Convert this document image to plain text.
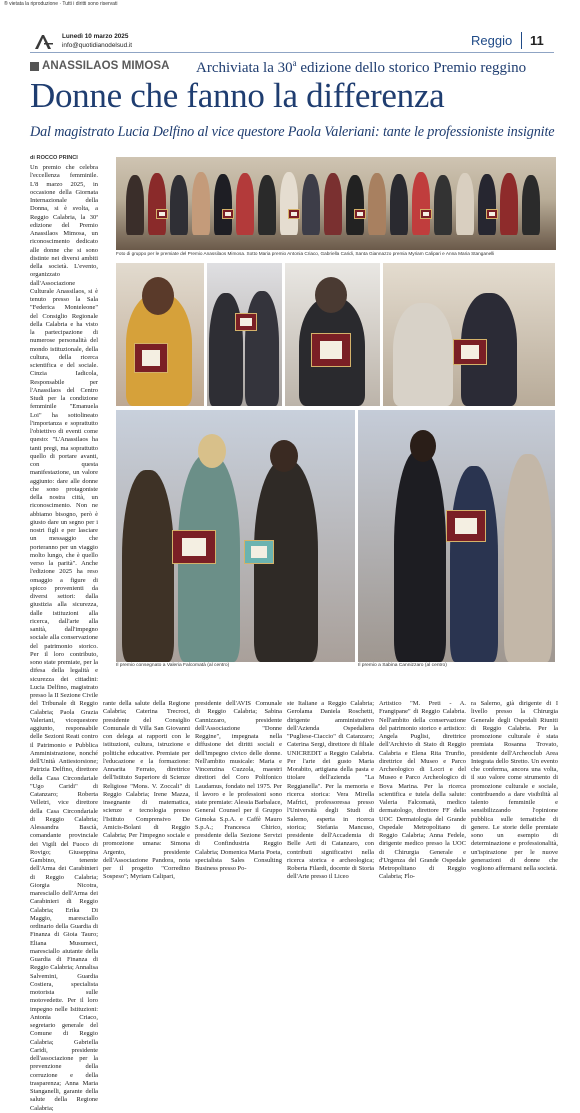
® vietata la riproduzione · Tutti i diritti sono riservati
Lunedì 10 marzo 2025
info@quotidianodelsud.it	Reggio 11
ANASSILAOS MIMOSA Archiviata la 30$^a$ edizione dello storico Premio reggino
Donne che fanno la differenza
Dal magistrato Lucia Delfino al vice questore Paola Valeriani: tante le professioniste insignite
di ROCCO PRINCI
Foto di gruppo per le premiate del Premio Anassilaos Mimosa. Sotto Maria premio Antonia Criaco, Gabriella Caridi, Santa Giannazzo premia Myriam Calipari e Anna Maria Stanganelli
Il premio consegnato a Valeria Falcomatà (al centro)	Il premio a Sabina Cannizzaro (al centro)
Un premio che celebra l'eccellenza femminile. L'8 marzo 2025, in occasione della Giornata Internazionale della Donna, si è svolta, a Reggio Calabria, la 30ª edizione del Premio Anassilaos Mimosa, un riconoscimento dedicato alle donne che si sono distinte nei diversi ambiti della società. L'evento, organizzato dall'Associazione Culturale Anassilaos, si è tenuto presso la Sala "Federica Monteleone" del Consiglio Regionale della Calabria e ha visto la partecipazione di numerose personalità del mondo istituzionale, della cultura, della ricerca scientifica e del sociale. Cinzia Iadicola, Responsabile per l'Anassilaos del Centro Studi per la condizione femminile "Emanuela Loi" ha sottolineato l'importanza e soprattutto l'obiettivo di eventi come questo: "L'Anassilaos ha tanti pregi, ma soprattutto quello di portare avanti, con questa manifestazione, un valore aggiunto: dare alle donne che sono protagoniste della nostra città, un riconoscimento. Non ne abbiamo bisogno, però è giusto dare un segno per i nostri figli e per lasciare un messaggio che porteranno per un viaggio molto lungo, che è quello verso la parità". Anche l'edizione 2025 ha reso omaggio a figure di spicco provenienti da diversi settori: dalla giustizia alla sicurezza, dalle istituzioni alla ricerca, dall'arte alla sanità, dall'impegno sociale alla conservazione del patrimonio storico. Per il loro contributo, sono state premiate, per la difesa della legalità e sicurezza dei cittadini: Lucia Delfino, magistrato presso la II Sezione Civile del Tribunale di Reggio Calabria; Paola Grazia Valeriani, vicequestore aggiunto, responsabile delle Sezioni Reati contro il Patrimonio e Pubblica Amministrazione, nonché dell'Unità Antiestorsione; Patrizia Delfino, direttore della Casa Circondariale "Ugo Caridi" di Catanzaro; Roberta Velletri, vice direttore della Casa Circondariale di Reggio Calabria; Alessandra Bascià, comandante provinciale dei Vigili del Fuoco di Rovigo; Giuseppina Gambino, tenente dell'Arma dei Carabinieri di Reggio Calabria; Giorgia Nicotra, maresciallo dell'Arma dei Carabinieri di Reggio Calabria; Erika Di Maggio, maresciallo ordinario della Guardia di Finanza di Gioia Tauro; Eliana Musumeci, maresciallo aiutante della Guardia di Finanza di Reggio Calabria; Annalisa Salvemini, Guardia Costiera, specialista motorista sulle motovedette. Per il loro impegno nelle Istituzioni: Antonia Criaco, segretario generale del Comune di Reggio Calabria; Gabriella Caridi, presidente dell'associazione per la prevenzione della corruzione e della trasparenza; Anna Maria Stanganelli, garante della salute della Regione Calabria;
rante della salute della Regione Calabria; Caterina Trecroci, presidente del Consiglio Comunale di Villa San Giovanni con delega ai rapporti con le istituzioni, cultura, istruzione e politiche educative. Premiate per l'educazione e la formazione: Annarita Ferrato, direttrice dell'Istituto Superiore di Scienze Religiose "Mons. V. Zoccali" di Reggio Calabria; Irene Mazza, insegnante di matematica, scienze e tecnologia presso l'Istituto Comprensivo De Amicis-Bolani di Reggio Calabria; Per l'impegno sociale e promozione umana: Simona Argento, presidente dell'Associazione Pandora, nota per il progetto "Corredino Sospeso"; Myriam Calipari,
presidente dell'AVIS Comunale di Reggio Calabria; Sabina Cannizzaro, presidente dell'Associazione "Donne Reggine", impegnata nella diffusione dei diritti sociali e dell'impegno civico delle donne. Nell'ambito musicale: Maria e Vincenzina Cuzzola, maestri direttori del Coro Polifonico Laudamus, fondato nel 1975. Per il lavoro e le professioni sono state premiate: Alessia Barbalace, General Counsel per il Gruppo Gimoka S.p.A. e Caffè Mauro S.p.A.; Francesca Chirico, presidente della Sezione Servizi di Confindustria Reggio Calabria; Domenica Maria Poeta, specialista Sales Consulting Business presso Po-
ste Italiane a Reggio Calabria; Gerolama Daniela Roschetti, dirigente amministrativo dell'Azienda Ospedaliera "Pugliese-Ciaccio" di Catanzaro; Caterina Sergi, direttore di filiale UNICREDIT a Reggio Calabria. Per l'arte dei gusto Maria Morabito, artigiana della pasta e titolare dell'azienda "La Reggianella". Per la memoria e ricerca storica: Vera Mirella Mafrici, professoressa presso l'Università degli Studi di Salerno, esperta in ricerca storica; Stefania Mancuso, presidente dell'Accademia di Belle Arti di Catanzaro, con contributi significativi nella ricerca storica e archeologica; Roberta Filardi, docente di Storia dell'Arte presso il Liceo
Artistico "M. Preti - A. Frangipane" di Reggio Calabria. Nell'ambito della conservazione del patrimonio storico e artistico: Angela Puglisi, direttrice dell'Archivio di Stato di Reggio Calabria e Elena Rita Trunfio, direttrice del Museo e Parco Archeologico di Locri e del Museo e Parco Archeologico di Bova Marina. Per la ricerca scientifica e tutela della salute: Valeria Falcomatà, medico dermatologo, direttore FF della UOC Dermatologia del Grande Ospedale Metropolitano di Reggio Calabria; Anna Fedele, dirigente medico presso la UOC di Chirurgia Generale e d'Urgenza del Grande Ospedale Metropolitano di Reggio Calabria; Flo-
ra Salerno, già dirigente di I livello presso la Chirurgia Generale degli Ospedali Riuniti di Reggio Calabria. Per la promozione culturale è stata premiata Rosanna Trovato, presidente dell'Archeoclub Area Integrata dello Stretto. Un evento che conferma, ancora una volta, il suo valore come strumento di promozione culturale e sociale, contribuendo a dare visibilità al talento femminile e sensibilizzando l'opinione pubblica sulle tematiche di genere. Le storie delle premiate sono un esempio di determinazione e professionalità, un'ispirazione per le nuove generazioni di donne che vogliono affermarsi nella società.
